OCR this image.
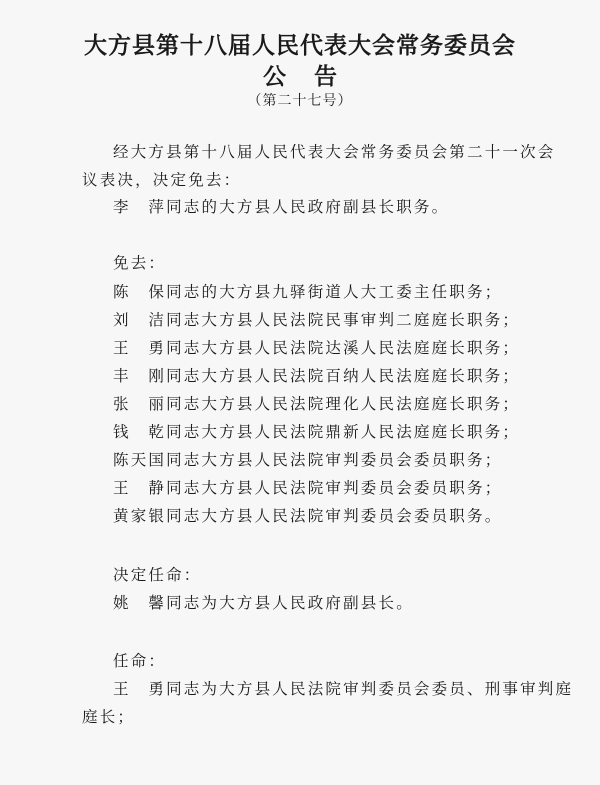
大方县第十八届人民代表大会常务委员会
公告
（第二十七号）
经大方县第十八届人民代表大会常务委员会第二十一次会
议表决，决定免去：
李　萍同志的大方县人民政府副县长职务。
免去：
陈　保同志的大方县九驿街道人大工委主任职务；
刘　洁同志大方县人民法院民事审判二庭庭长职务；
王　勇同志大方县人民法院达溪人民法庭庭长职务；
丰　刚同志大方县人民法院百纳人民法庭庭长职务；
张　丽同志大方县人民法院理化人民法庭庭长职务；
钱　乾同志大方县人民法院鼎新人民法庭庭长职务；
陈天国同志大方县人民法院审判委员会委员职务；
王　静同志大方县人民法院审判委员会委员职务；
黄家银同志大方县人民法院审判委员会委员职务。
决定任命：
姚　馨同志为大方县人民政府副县长。
任命：
王　勇同志为大方县人民法院审判委员会委员、刑事审判庭
庭长；
